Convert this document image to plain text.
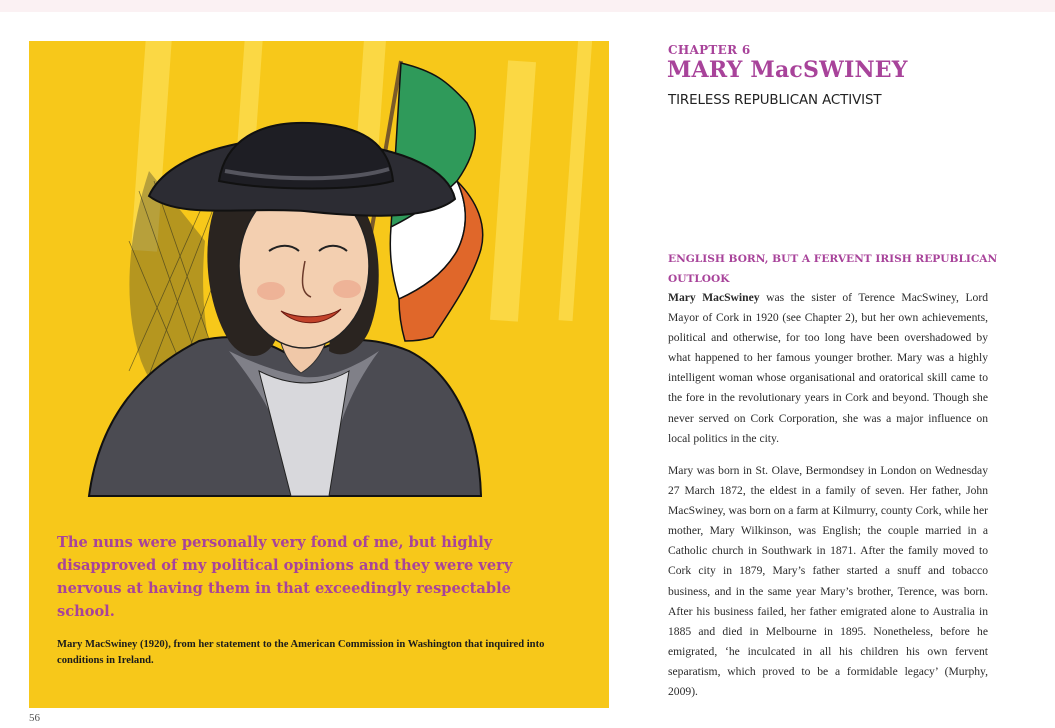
The nuns were personally very fond of me, but highly disapproved of my political opinions and they were very nervous at having them in that exceedingly respectable school.
Mary MacSwiney (1920), from her statement to the American Commission in Washington that inquired into conditions in Ireland.
56
CHAPTER 6
MARY MacSWINEY
TIRELESS REPUBLICAN ACTIVIST
ENGLISH BORN, BUT A FERVENT IRISH REPUBLICAN OUTLOOK
Mary MacSwiney was the sister of Terence MacSwiney, Lord Mayor of Cork in 1920 (see Chapter 2), but her own achievements, political and otherwise, for too long have been overshadowed by what happened to her famous younger brother. Mary was a highly intelligent woman whose organisational and oratorical skill came to the fore in the revolutionary years in Cork and beyond. Though she never served on Cork Corporation, she was a major influence on local politics in the city.
Mary was born in St. Olave, Bermondsey in London on Wednesday 27 March 1872, the eldest in a family of seven. Her father, John MacSwiney, was born on a farm at Kilmurry, county Cork, while her mother, Mary Wilkinson, was English; the couple married in a Catholic church in Southwark in 1871. After the family moved to Cork city in 1879, Mary’s father started a snuff and tobacco business, and in the same year Mary’s brother, Terence, was born. After his business failed, her father emigrated alone to Australia in 1885 and died in Melbourne in 1895. Nonetheless, before he emigrated, ‘he inculcated in all his children his own fervent separatism, which proved to be a formidable legacy’ (Murphy, 2009).
